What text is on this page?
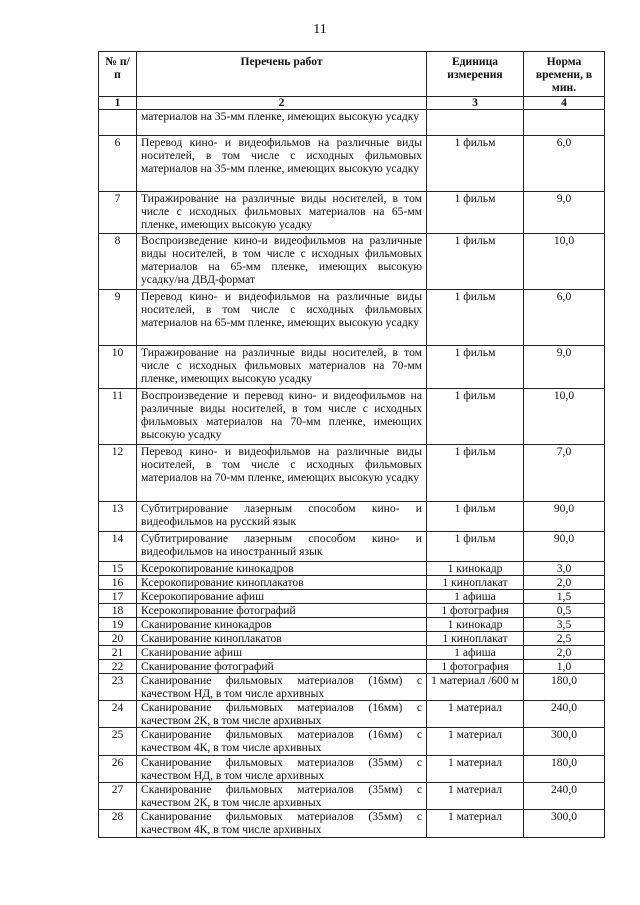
11
№ п/п	Перечень работ	Единица измерения	Норма времени, в мин.
1	2	3	4
	материалов на 35-мм пленке, имеющих высокую усадку		
6	Перевод кино- и видеофильмов на различные виды носителей, в том числе с исходных фильмовых материалов на 35-мм пленке, имеющих высокую усадку	1 фильм	6,0
7	Тиражирование на различные виды носителей, в том числе с исходных фильмовых материалов на 65-мм пленке, имеющих высокую усадку	1 фильм	9,0
8	Воспроизведение кино-и видеофильмов на различные виды носителей, в том числе с исходных фильмовых материалов на 65-мм пленке, имеющих высокую усадку/на ДВД-формат	1 фильм	10,0
9	Перевод кино- и видеофильмов на различные виды носителей, в том числе с исходных фильмовых материалов на 65-мм пленке, имеющих высокую усадку	1 фильм	6,0
10	Тиражирование на различные виды носителей, в том числе с исходных фильмовых материалов на 70-мм пленке, имеющих высокую усадку	1 фильм	9,0
11	Воспроизведение и перевод кино- и видеофильмов на различные виды носителей, в том числе с исходных фильмовых материалов на 70-мм пленке, имеющих высокую усадку	1 фильм	10,0
12	Перевод кино- и видеофильмов на различные виды носителей, в том числе с исходных фильмовых материалов на 70-мм пленке, имеющих высокую усадку	1 фильм	7,0
13	Субтитрирование лазерным способом кино- и видеофильмов на русский язык	1 фильм	90,0
14	Субтитрирование лазерным способом кино- и видеофильмов на иностранный язык	1 фильм	90,0
15	Ксерокопирование кинокадров	1 кинокадр	3,0
16	Ксерокопирование киноплакатов	1 киноплакат	2,0
17	Ксерокопирование афиш	1 афиша	1,5
18	Ксерокопирование фотографий	1 фотография	0,5
19	Сканирование кинокадров	1 кинокадр	3,5
20	Сканирование киноплакатов	1 киноплакат	2,5
21	Сканирование афиш	1 афиша	2,0
22	Сканирование фотографий	1 фотография	1,0
23	Сканирование фильмовых материалов (16мм) с качеством НД, в том числе архивных	1 материал /600 м	180,0
24	Сканирование фильмовых материалов (16мм) с качеством 2К, в том числе архивных	1 материал	240,0
25	Сканирование фильмовых материалов (16мм) с качеством 4К, в том числе архивных	1 материал	300,0
26	Сканирование фильмовых материалов (35мм) с качеством НД, в том числе архивных	1 материал	180,0
27	Сканирование фильмовых материалов (35мм) с качеством 2К, в том числе архивных	1 материал	240,0
28	Сканирование фильмовых материалов (35мм) с качеством 4К, в том числе архивных	1 материал	300,0
